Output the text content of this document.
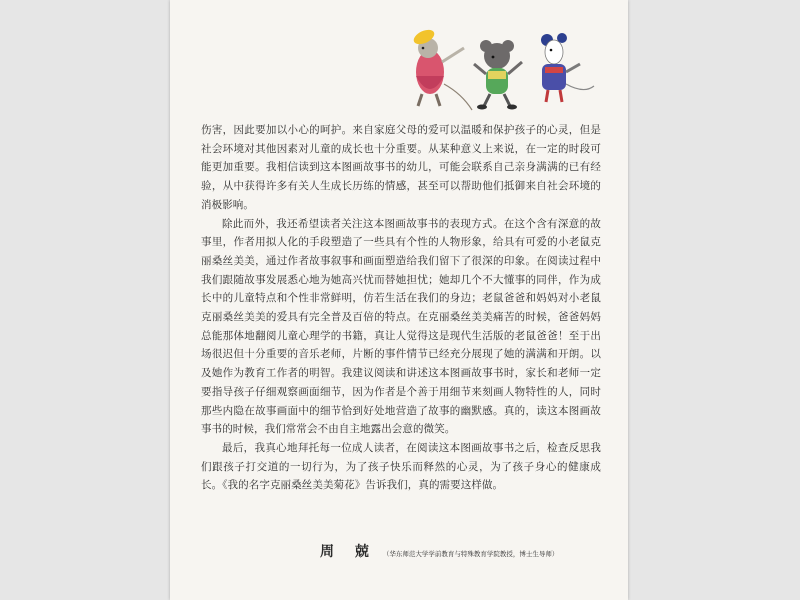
伤害，因此要加以小心的呵护。来自家庭父母的爱可以温暖和保护孩子的心灵，但是社会环境对其他因素对儿童的成长也十分重要。从某种意义上来说，在一定的时段可能更加重要。我相信读到这本图画故事书的幼儿，可能会联系自己亲身满满的已有经验，从中获得许多有关人生成长历练的情感，甚至可以帮助他们抵御来自社会环境的消极影响。

除此而外，我还希望读者关注这本图画故事书的表现方式。在这个含有深意的故事里，作者用拟人化的手段塑造了一些具有个性的人物形象，给具有可爱的小老鼠克丽桑丝美美，通过作者故事叙事和画面塑造给我们留下了很深的印象。在阅读过程中我们跟随故事发展悉心地为她高兴忧而替她担忧；她却几个不大懂事的同伴，作为成长中的儿童特点和个性非常鲜明，仿若生活在我们的身边；老鼠爸爸和妈妈对小老鼠克丽桑丝美美的爱具有完全普及百倍的特点。在克丽桑丝美美痛苦的时候，爸爸妈妈总能那体地翻阅儿童心理学的书籍，真让人觉得这是现代生活版的老鼠爸爸！至于出场很迟但十分重要的音乐老师，片断的事件情节已经充分展现了她的满满和开朗。以及她作为教育工作者的明智。我建议阅读和讲述这本图画故事书时，家长和老师一定要指导孩子仔细观察画面细节，因为作者是个善于用细节来刻画人物特性的人，同时那些内隐在故事画面中的细节恰到好处地营造了故事的幽默感。真的，读这本图画故事书的时候，我们常常会不由自主地露出会意的微笑。

最后，我真心地拜托每一位成人读者，在阅读这本图画故事书之后，检查反思我们跟孩子打交道的一切行为，为了孩子快乐而释然的心灵，为了孩子身心的健康成长。《我的名字克丽桑丝美美菊花》告诉我们，真的需要这样做。

周 兢 （华东师范大学学前教育与特殊教育学院教授，博士生导师）
